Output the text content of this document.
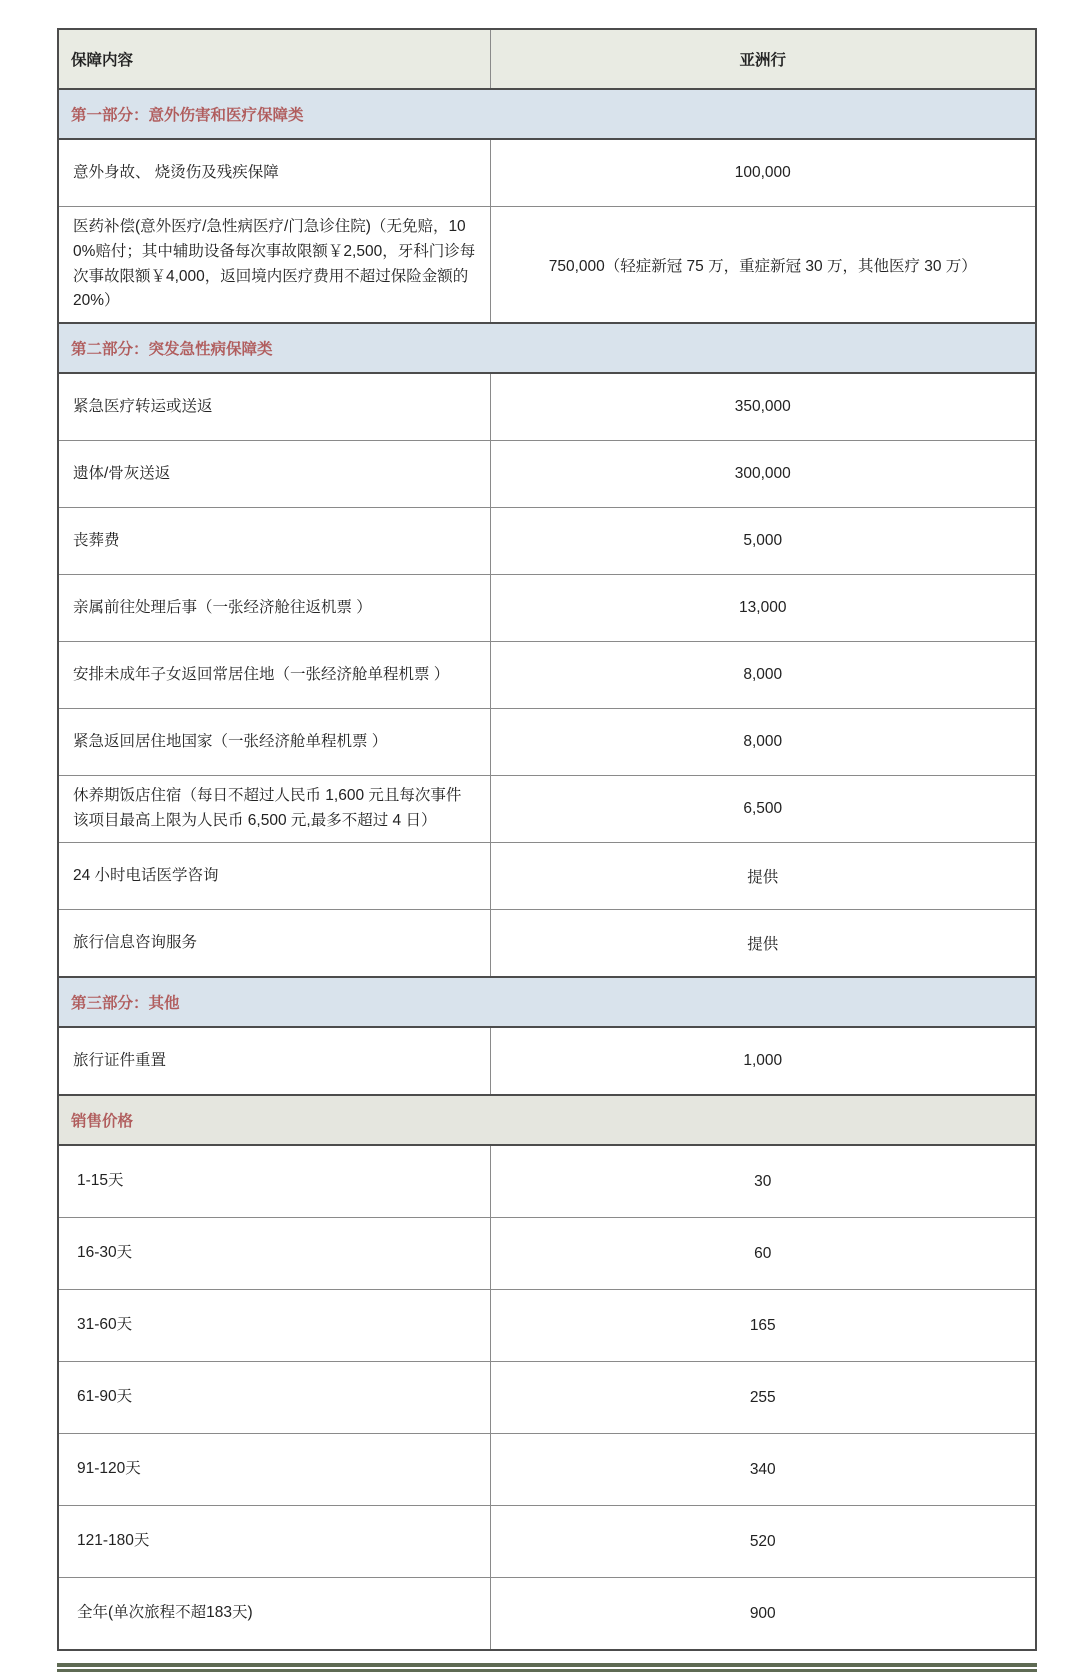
保障内容	亚洲行
第一部分：意外伤害和医疗保障类	
意外身故、 烧烫伤及残疾保障	100,000
医药补偿(意外医疗/急性病医疗/门急诊住院)（无免赔，100%赔付；其中辅助设备每次事故限额￥2,500，牙科门诊每次事故限额￥4,000，返回境内医疗费用不超过保险金额的 20%）	750,000（轻症新冠 75 万，重症新冠 30 万，其他医疗 30 万）
第二部分：突发急性病保障类	
紧急医疗转运或送返	350,000
遗体/骨灰送返	300,000
丧葬费	5,000
亲属前往处理后事（一张经济舱往返机票 ）	13,000
安排未成年子女返回常居住地（一张经济舱单程机票 ）	8,000
紧急返回居住地国家（一张经济舱单程机票 ）	8,000
休养期饭店住宿（每日不超过人民币 1,600 元且每次事件该项目最高上限为人民币 6,500 元,最多不超过 4 日）	6,500
24 小时电话医学咨询	提供
旅行信息咨询服务	提供
第三部分：其他	
旅行证件重置	1,000
销售价格	
1-15天	30
16-30天	60
31-60天	165
61-90天	255
91-120天	340
121-180天	520
全年(单次旅程不超183天)	900
